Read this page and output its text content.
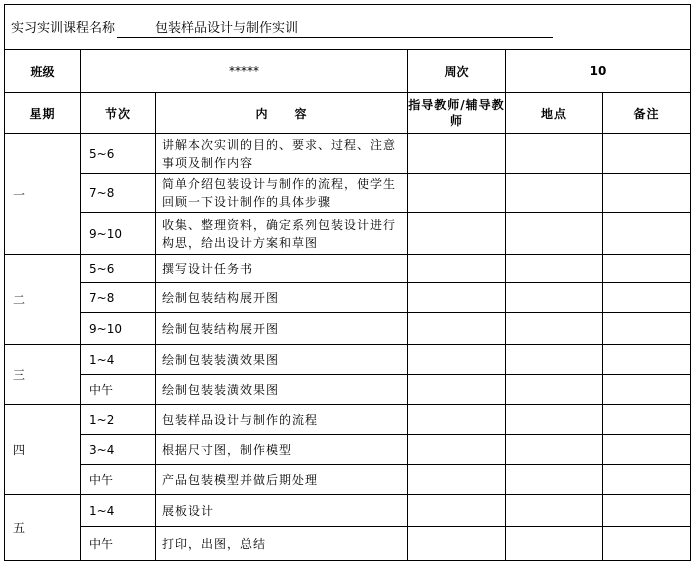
实习实训课程名称 包装样品设计与制作实训					
班级	*****		周次	10	
星期	节次	内　　容	指导教师/辅导教师	地点	备注
一	5~6	讲解本次实训的目的、要求、过程、注意事项及制作内容			
	7~8	简单介绍包装设计与制作的流程，使学生回顾一下设计制作的具体步骤			
	9~10	收集、整理资料，确定系列包装设计进行构思，给出设计方案和草图			
二	5~6	撰写设计任务书			
	7~8	绘制包装结构展开图			
	9~10	绘制包装结构展开图			
三	1~4	绘制包装装潢效果图			
	中午	绘制包装装潢效果图			
四	1~2	包装样品设计与制作的流程			
	3~4	根据尺寸图，制作模型			
	中午	产品包装模型并做后期处理			
五	1~4	展板设计			
	中午	打印，出图，总结			
